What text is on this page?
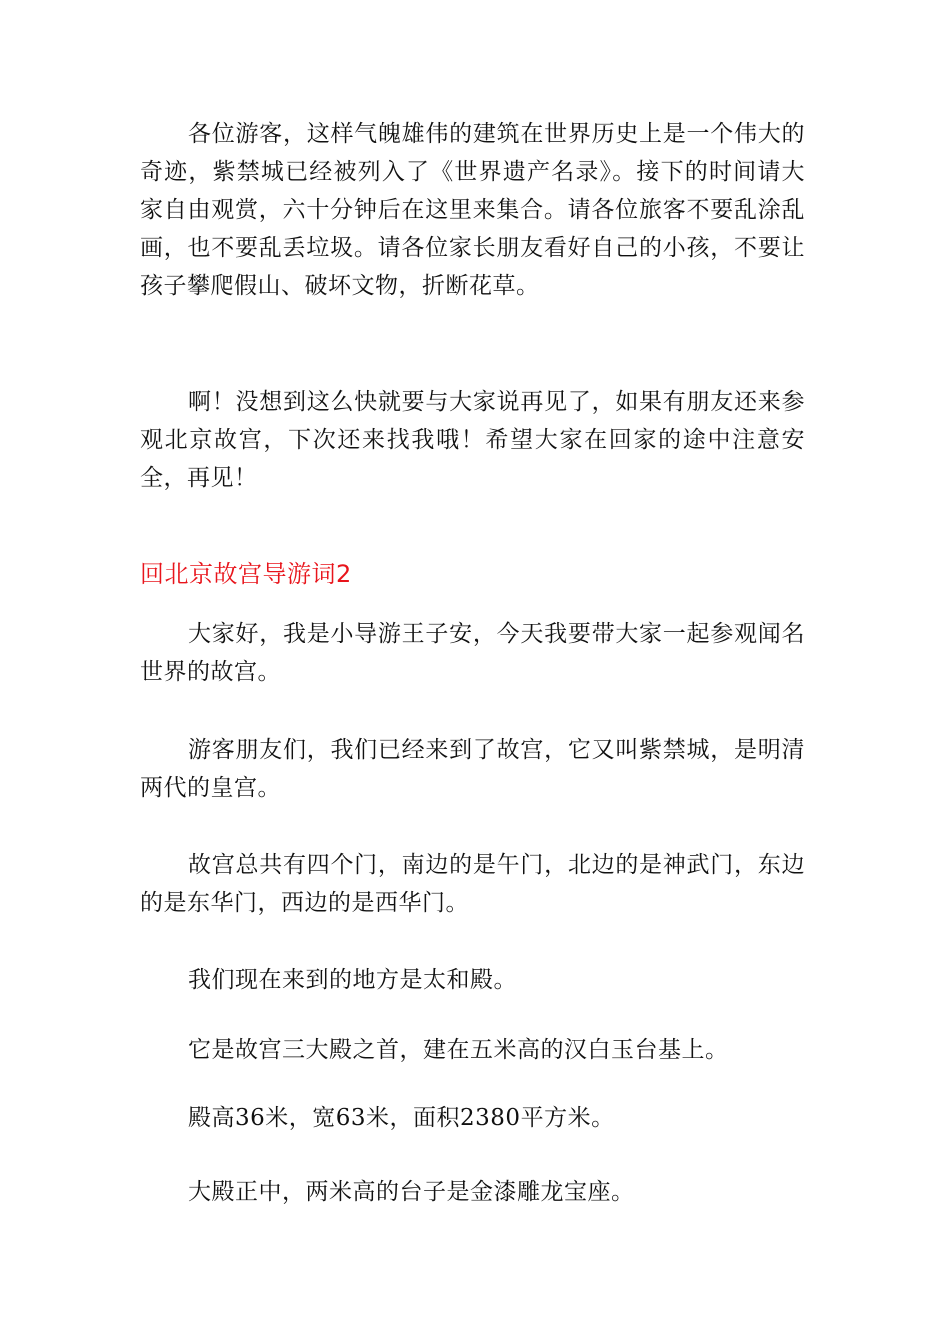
各位游客，这样气魄雄伟的建筑在世界历史上是一个伟大的奇迹，紫禁城已经被列入了《世界遗产名录》。接下的时间请大家自由观赏，六十分钟后在这里来集合。请各位旅客不要乱涂乱画，也不要乱丢垃圾。请各位家长朋友看好自己的小孩，不要让孩子攀爬假山、破坏文物，折断花草。

啊！没想到这么快就要与大家说再见了，如果有朋友还来参观北京故宫，下次还来找我哦！希望大家在回家的途中注意安全，再见！

回北京故宫导游词2

大家好，我是小导游王子安，今天我要带大家一起参观闻名世界的故宫。

游客朋友们，我们已经来到了故宫，它又叫紫禁城，是明清两代的皇宫。

故宫总共有四个门，南边的是午门，北边的是神武门，东边的是东华门，西边的是西华门。

我们现在来到的地方是太和殿。

它是故宫三大殿之首，建在五米高的汉白玉台基上。

殿高36米，宽63米，面积2380平方米。

大殿正中，两米高的台子是金漆雕龙宝座。
